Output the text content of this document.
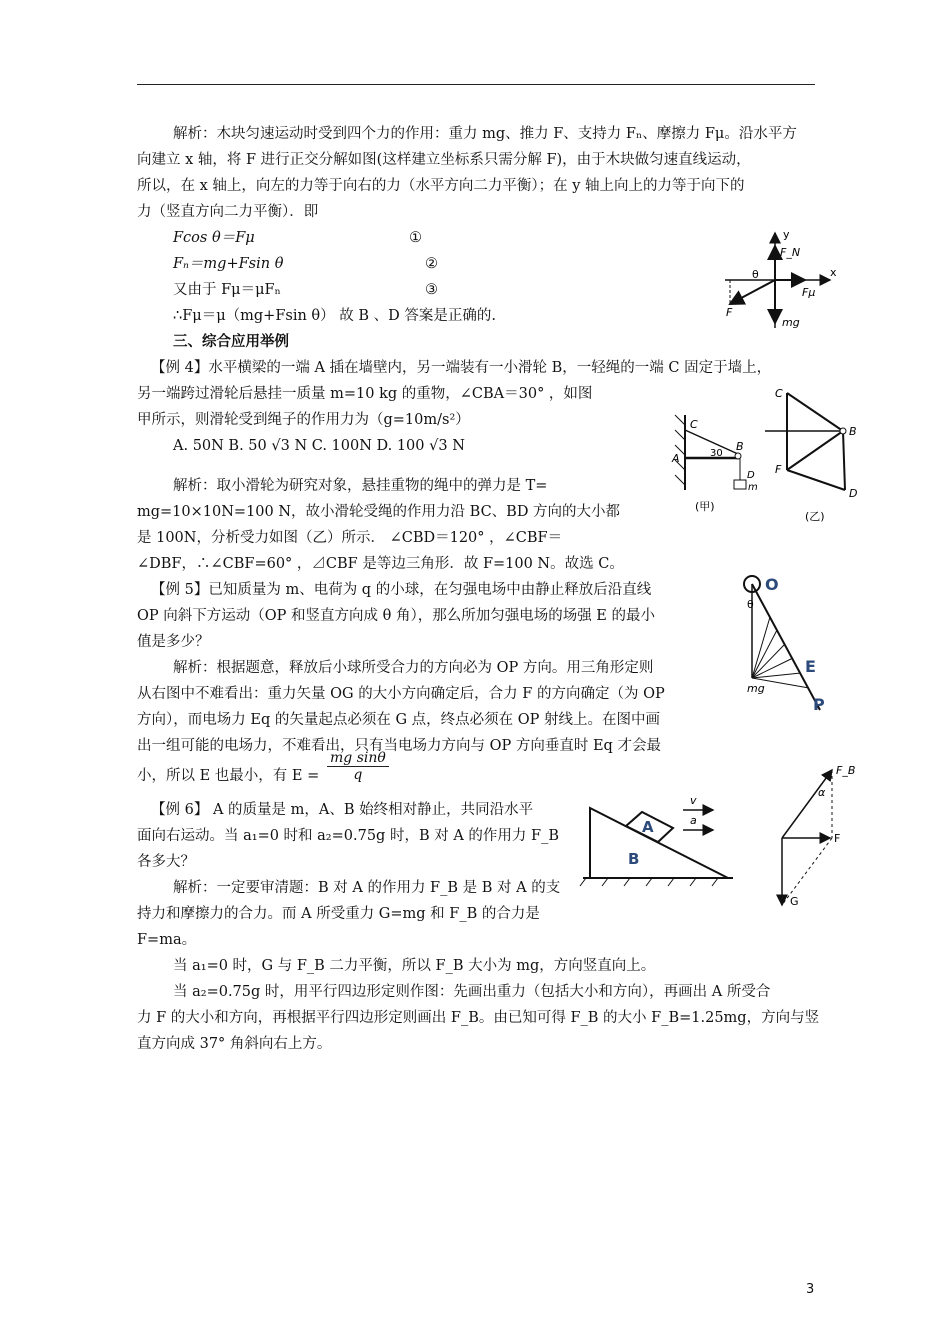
解析：木块匀速运动时受到四个力的作用：重力 mg、推力 F、支持力 Fₙ、摩擦力 Fμ。沿水平方
向建立 x 轴，将 F 进行正交分解如图(这样建立坐标系只需分解 F)，由于木块做匀速直线运动，
所以，在 x 轴上，向左的力等于向右的力（水平方向二力平衡）；在 y 轴上向上的力等于向下的
力（竖直方向二力平衡）．即
Fcos θ＝Fμ	①
Fₙ＝mg+Fsin θ	②
又由于 Fμ＝μFₙ	③
∴Fμ＝μ（mg+Fsin θ） 故 B 、D 答案是正确的.
三、综合应用举例
【例 4】水平横梁的一端 A 插在墙壁内，另一端装有一小滑轮 B，一轻绳的一端 C 固定于墙上，
另一端跨过滑轮后悬挂一质量 m=10 kg 的重物，∠CBA＝30° ，如图
甲所示，则滑轮受到绳子的作用力为（g=10m/s²）
A. 50N B. 50 √3 N C. 100N D. 100 √3 N
解析：取小滑轮为研究对象，悬挂重物的绳中的弹力是 T=
mg=10×10N=100 N，故小滑轮受绳的作用力沿 BC、BD 方向的大小都
是 100N，分析受力如图（乙）所示． ∠CBD＝120° ，∠CBF＝
∠DBF，∴∠CBF=60° ，⊿CBF 是等边三角形．故 F=100 N。故选 C。
【例 5】已知质量为 m、电荷为 q 的小球，在匀强电场中由静止释放后沿直线
OP 向斜下方运动（OP 和竖直方向成 θ 角），那么所加匀强电场的场强 E 的最小
值是多少？
解析：根据题意，释放后小球所受合力的方向必为 OP 方向。用三角形定则
从右图中不难看出：重力矢量 OG 的大小方向确定后，合力 F 的方向确定（为 OP
方向），而电场力 Eq 的矢量起点必须在 G 点，终点必须在 OP 射线上。在图中画
出一组可能的电场力，不难看出，只有当电场力方向与 OP 方向垂直时 Eq 才会最
小，所以 E 也最小，有 $E = \frac{\text{mg sinθ}}{q}$
【例 6】 A 的质量是 m，A、B 始终相对静止，共同沿水平
面向右运动。当 a₁=0 时和 a₂=0.75g 时，B 对 A 的作用力 F_B
各多大？
解析：一定要审清题：B 对 A 的作用力 F_B 是 B 对 A 的支
持力和摩擦力的合力。而 A 所受重力 G=mg 和 F_B 的合力是
F=ma。
当 a₁=0 时，G 与 F_B 二力平衡，所以 F_B 大小为 mg，方向竖直向上。
当 a₂=0.75g 时，用平行四边形定则作图：先画出重力（包括大小和方向），再画出 A 所受合
力 F 的大小和方向，再根据平行四边形定则画出 F_B。由已知可得 F_B 的大小 F_B=1.25mg，方向与竖
直方向成 37° 角斜向右上方。
y
F_N
x
θ
Fμ
F
mg
C
B
A	30
D
m
(甲)
C
B
F
D
(乙)
O
θ
E
mg
P
v
a
A
B
F_B
α
F
G
3
